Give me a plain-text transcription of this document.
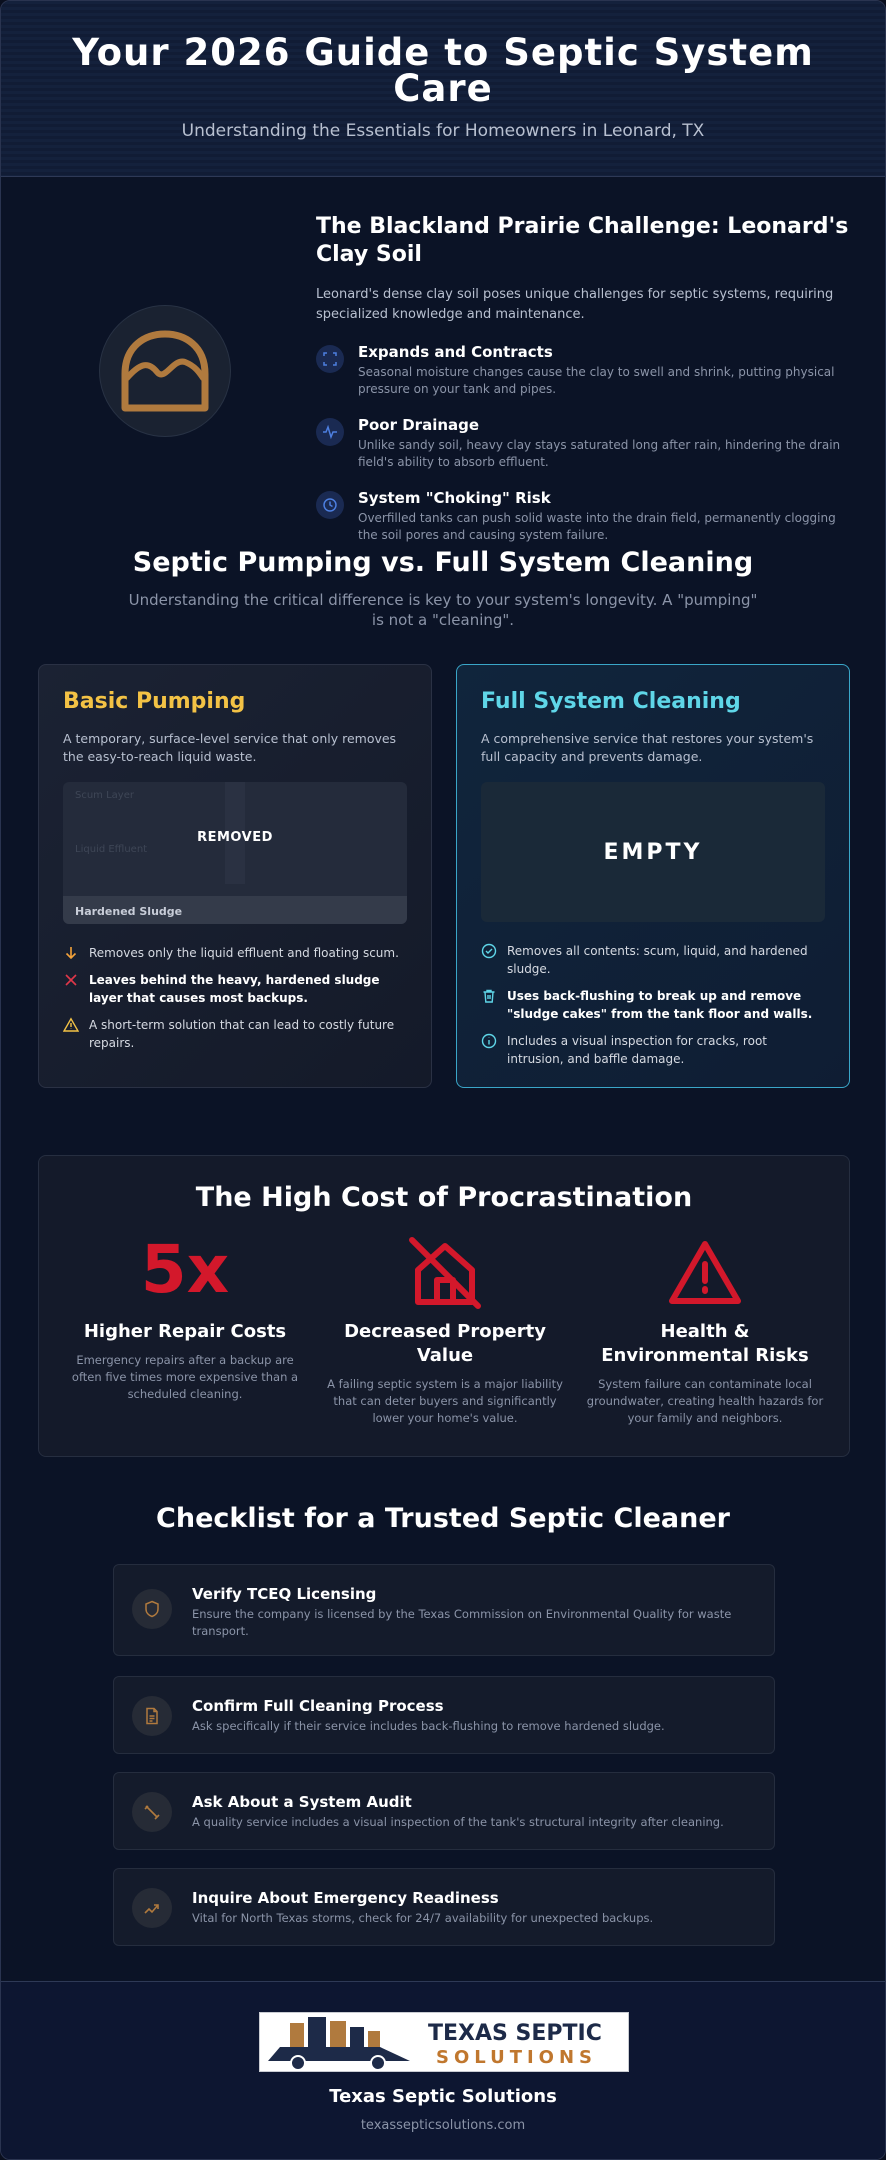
Your 2026 Guide to Septic System Care
Understanding the Essentials for Homeowners in Leonard, TX
The Blackland Prairie Challenge: Leonard's Clay Soil
Leonard's dense clay soil poses unique challenges for septic systems, requiring specialized knowledge and maintenance.
Expands and Contracts
Seasonal moisture changes cause the clay to swell and shrink, putting physical pressure on your tank and pipes.
Poor Drainage
Unlike sandy soil, heavy clay stays saturated long after rain, hindering the drain field's ability to absorb effluent.
System "Choking" Risk
Overfilled tanks can push solid waste into the drain field, permanently clogging the soil pores and causing system failure.
Septic Pumping vs. Full System Cleaning
Understanding the critical difference is key to your system's longevity. A "pumping" is not a "cleaning".
Basic Pumping
A temporary, surface-level service that only removes the easy-to-reach liquid waste.
Scum Layer
Liquid Effluent
REMOVED
Hardened Sludge
Removes only the liquid effluent and floating scum.
Leaves behind the heavy, hardened sludge layer that causes most backups.
A short-term solution that can lead to costly future repairs.
Full System Cleaning
A comprehensive service that restores your system's full capacity and prevents damage.
EMPTY
Removes all contents: scum, liquid, and hardened sludge.
Uses back-flushing to break up and remove "sludge cakes" from the tank floor and walls.
Includes a visual inspection for cracks, root intrusion, and baffle damage.
The High Cost of Procrastination
5x
Higher Repair Costs
Emergency repairs after a backup are often five times more expensive than a scheduled cleaning.
Decreased Property Value
A failing septic system is a major liability that can deter buyers and significantly lower your home's value.
Health & Environmental Risks
System failure can contaminate local groundwater, creating health hazards for your family and neighbors.
Checklist for a Trusted Septic Cleaner
Verify TCEQ Licensing
Ensure the company is licensed by the Texas Commission on Environmental Quality for waste transport.
Confirm Full Cleaning Process
Ask specifically if their service includes back-flushing to remove hardened sludge.
Ask About a System Audit
A quality service includes a visual inspection of the tank's structural integrity after cleaning.
Inquire About Emergency Readiness
Vital for North Texas storms, check for 24/7 availability for unexpected backups.
TEXAS SEPTIC
SOLUTIONS
Texas Septic Solutions
texassepticsolutions.com
